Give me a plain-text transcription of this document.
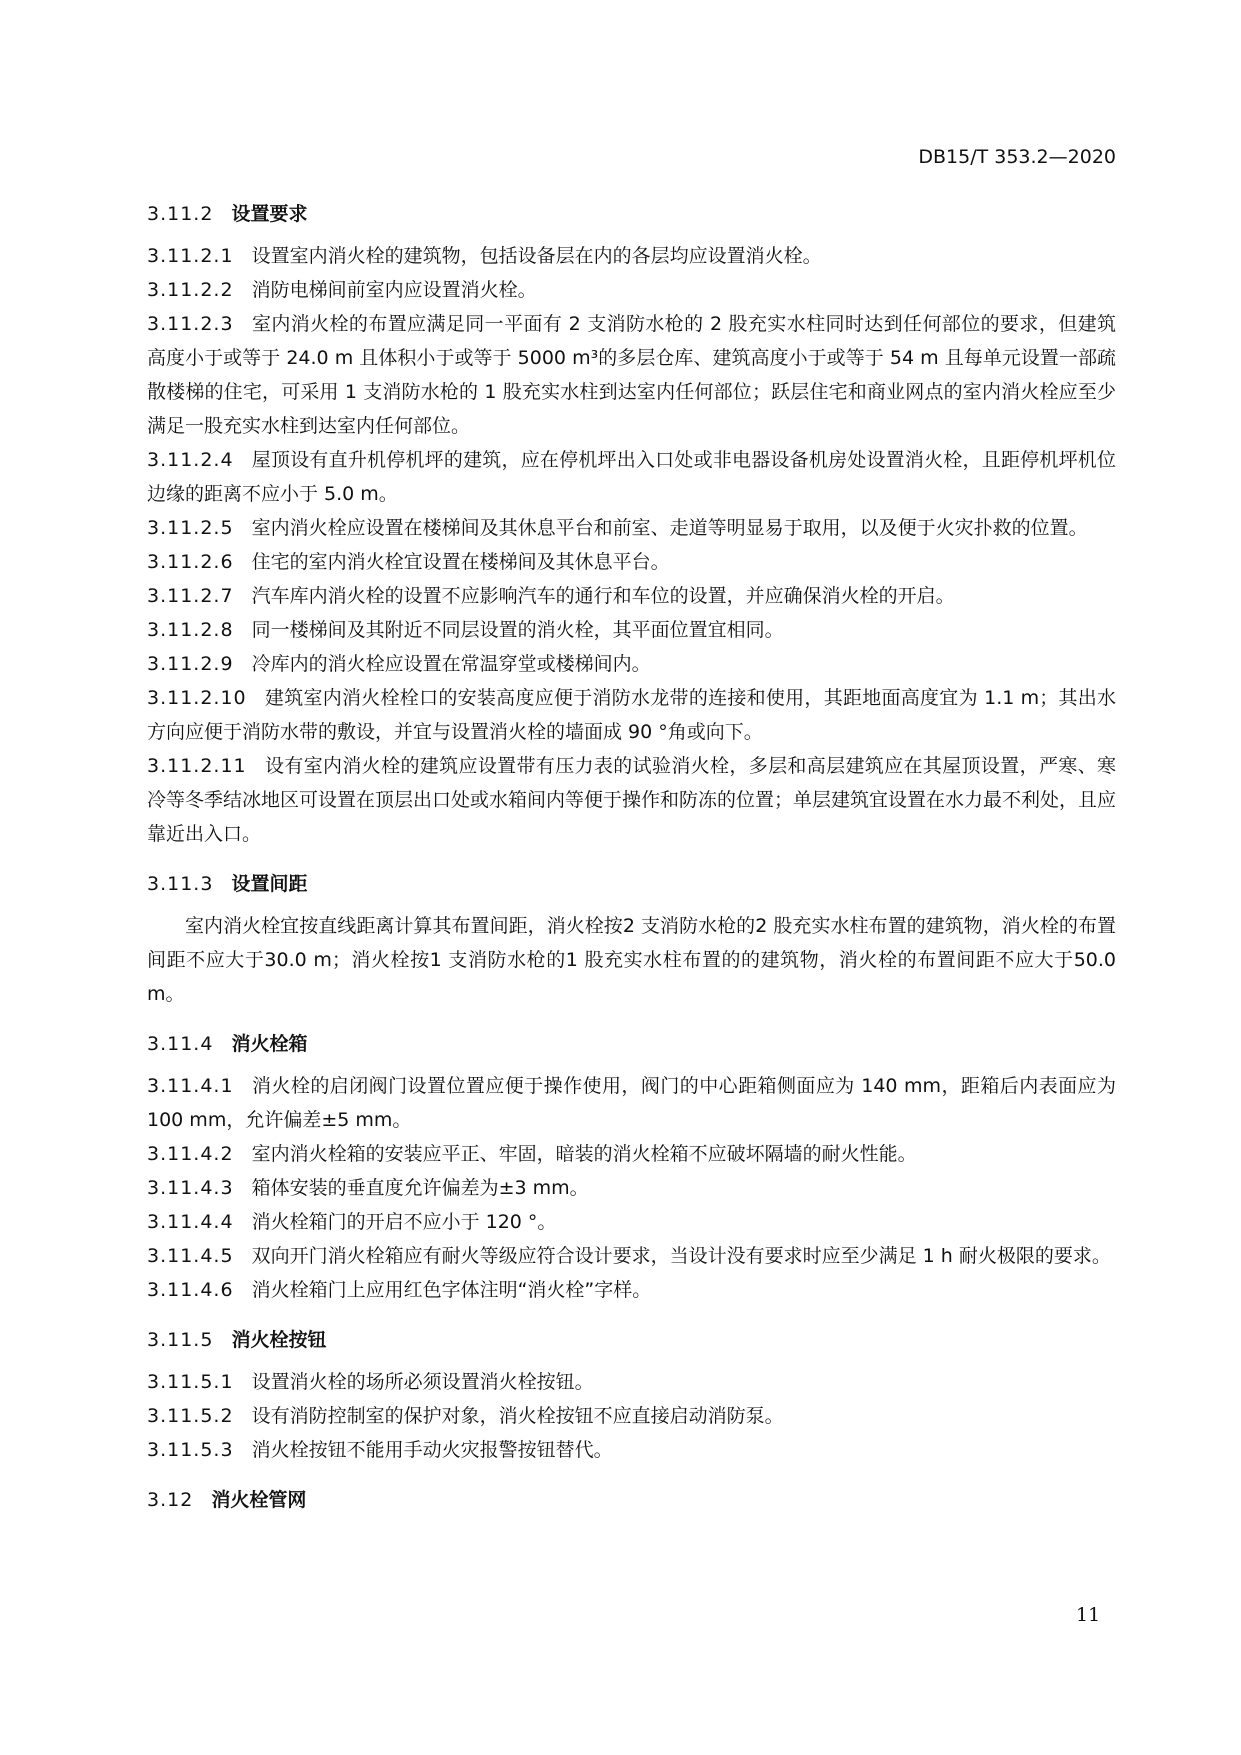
DB15/T 353.2—2020
3.11.2 设置要求
3.11.2.1 设置室内消火栓的建筑物，包括设备层在内的各层均应设置消火栓。
3.11.2.2 消防电梯间前室内应设置消火栓。
3.11.2.3 室内消火栓的布置应满足同一平面有 2 支消防水枪的 2 股充实水柱同时达到任何部位的要求，但建筑高度小于或等于 24.0 m 且体积小于或等于 5000 m³的多层仓库、建筑高度小于或等于 54 m 且每单元设置一部疏散楼梯的住宅，可采用 1 支消防水枪的 1 股充实水柱到达室内任何部位；跃层住宅和商业网点的室内消火栓应至少满足一股充实水柱到达室内任何部位。
3.11.2.4 屋顶设有直升机停机坪的建筑，应在停机坪出入口处或非电器设备机房处设置消火栓，且距停机坪机位边缘的距离不应小于 5.0 m。
3.11.2.5 室内消火栓应设置在楼梯间及其休息平台和前室、走道等明显易于取用，以及便于火灾扑救的位置。
3.11.2.6 住宅的室内消火栓宜设置在楼梯间及其休息平台。
3.11.2.7 汽车库内消火栓的设置不应影响汽车的通行和车位的设置，并应确保消火栓的开启。
3.11.2.8 同一楼梯间及其附近不同层设置的消火栓，其平面位置宜相同。
3.11.2.9 冷库内的消火栓应设置在常温穿堂或楼梯间内。
3.11.2.10 建筑室内消火栓栓口的安装高度应便于消防水龙带的连接和使用，其距地面高度宜为 1.1 m；其出水方向应便于消防水带的敷设，并宜与设置消火栓的墙面成 90 °角或向下。
3.11.2.11 设有室内消火栓的建筑应设置带有压力表的试验消火栓，多层和高层建筑应在其屋顶设置，严寒、寒冷等冬季结冰地区可设置在顶层出口处或水箱间内等便于操作和防冻的位置；单层建筑宜设置在水力最不利处，且应靠近出入口。
3.11.3 设置间距
室内消火栓宜按直线距离计算其布置间距，消火栓按2 支消防水枪的2 股充实水柱布置的建筑物，消火栓的布置间距不应大于30.0 m；消火栓按1 支消防水枪的1 股充实水柱布置的的建筑物，消火栓的布置间距不应大于50.0 m。
3.11.4 消火栓箱
3.11.4.1 消火栓的启闭阀门设置位置应便于操作使用，阀门的中心距箱侧面应为 140 mm，距箱后内表面应为 100 mm，允许偏差±5 mm。
3.11.4.2 室内消火栓箱的安装应平正、牢固，暗装的消火栓箱不应破坏隔墙的耐火性能。
3.11.4.3 箱体安装的垂直度允许偏差为±3 mm。
3.11.4.4 消火栓箱门的开启不应小于 120 °。
3.11.4.5 双向开门消火栓箱应有耐火等级应符合设计要求，当设计没有要求时应至少满足 1 h 耐火极限的要求。
3.11.4.6 消火栓箱门上应用红色字体注明“消火栓”字样。
3.11.5 消火栓按钮
3.11.5.1 设置消火栓的场所必须设置消火栓按钮。
3.11.5.2 设有消防控制室的保护对象，消火栓按钮不应直接启动消防泵。
3.11.5.3 消火栓按钮不能用手动火灾报警按钮替代。
3.12 消火栓管网
11
